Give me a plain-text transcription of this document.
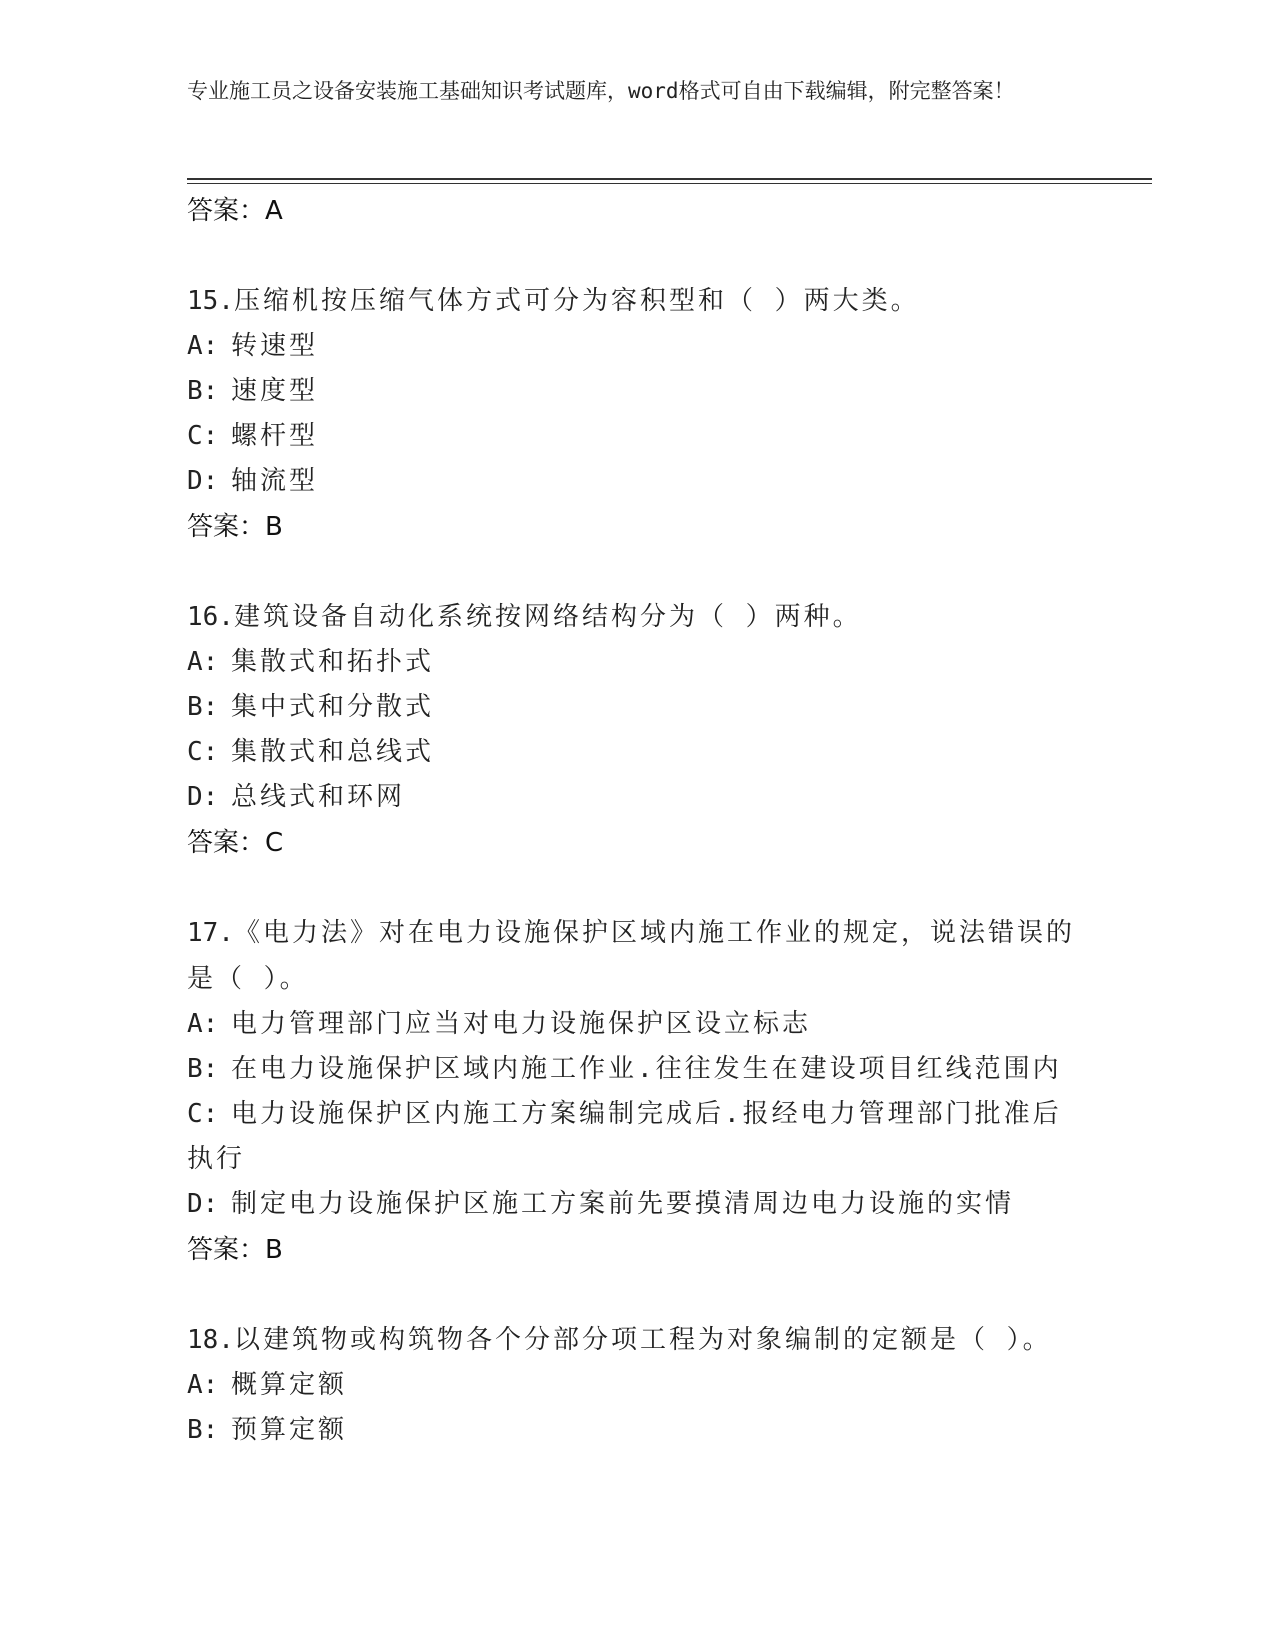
专业施工员之设备安装施工基础知识考试题库，word格式可自由下载编辑，附完整答案！
答案：A
15.压缩机按压缩气体方式可分为容积型和（ ）两大类。
A: 转速型
B: 速度型
C: 螺杆型
D: 轴流型
答案：B
16.建筑设备自动化系统按网络结构分为（ ）两种。
A: 集散式和拓扑式
B: 集中式和分散式
C: 集散式和总线式
D: 总线式和环网
答案：C
17.《电力法》对在电力设施保护区域内施工作业的规定，说法错误的是（ ）。
A: 电力管理部门应当对电力设施保护区设立标志
B: 在电力设施保护区域内施工作业.往往发生在建设项目红线范围内
C: 电力设施保护区内施工方案编制完成后.报经电力管理部门批准后执行
D: 制定电力设施保护区施工方案前先要摸清周边电力设施的实情
答案：B
18.以建筑物或构筑物各个分部分项工程为对象编制的定额是（ ）。
A: 概算定额
B: 预算定额
